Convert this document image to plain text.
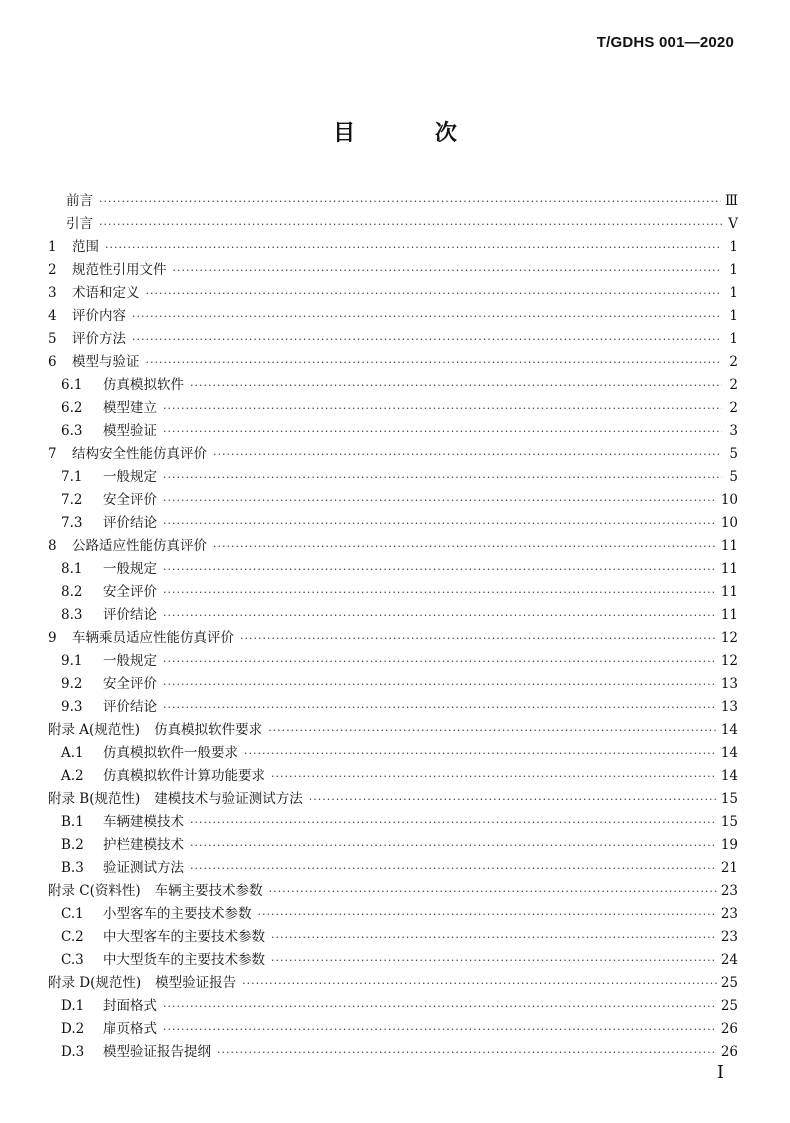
T/GDHS 001—2020
目 次
前言 ·····	Ⅲ
引言 ·····	Ⅴ
1	范围 ·····	1
2	规范性引用文件 ·····	1
3	术语和定义 ·····	1
4	评价内容 ·····	1
5	评价方法 ·····	1
6	模型与验证 ·····	2
6.1	仿真模拟软件 ·····	2
6.2	模型建立 ·····	2
6.3	模型验证 ·····	3
7	结构安全性能仿真评价 ·····	5
7.1	一般规定 ·····	5
7.2	安全评价 ·····	10
7.3	评价结论 ·····	10
8	公路适应性能仿真评价 ·····	11
8.1	一般规定 ·····	11
8.2	安全评价 ·····	11
8.3	评价结论 ·····	11
9	车辆乘员适应性能仿真评价 ·····	12
9.1	一般规定 ·····	12
9.2	安全评价 ·····	13
9.3	评价结论 ·····	13
附录 A(规范性) 仿真模拟软件要求 ·····	14
A.1	仿真模拟软件一般要求 ·····	14
A.2	仿真模拟软件计算功能要求 ·····	14
附录 B(规范性) 建模技术与验证测试方法 ·····	15
B.1	车辆建模技术 ·····	15
B.2	护栏建模技术 ·····	19
B.3	验证测试方法 ·····	21
附录 C(资料性) 车辆主要技术参数 ·····	23
C.1	小型客车的主要技术参数 ·····	23
C.2	中大型客车的主要技术参数 ·····	23
C.3	中大型货车的主要技术参数 ·····	24
附录 D(规范性) 模型验证报告 ·····	25
D.1	封面格式 ·····	25
D.2	扉页格式 ·····	26
D.3	模型验证报告提纲 ·····	26
I
